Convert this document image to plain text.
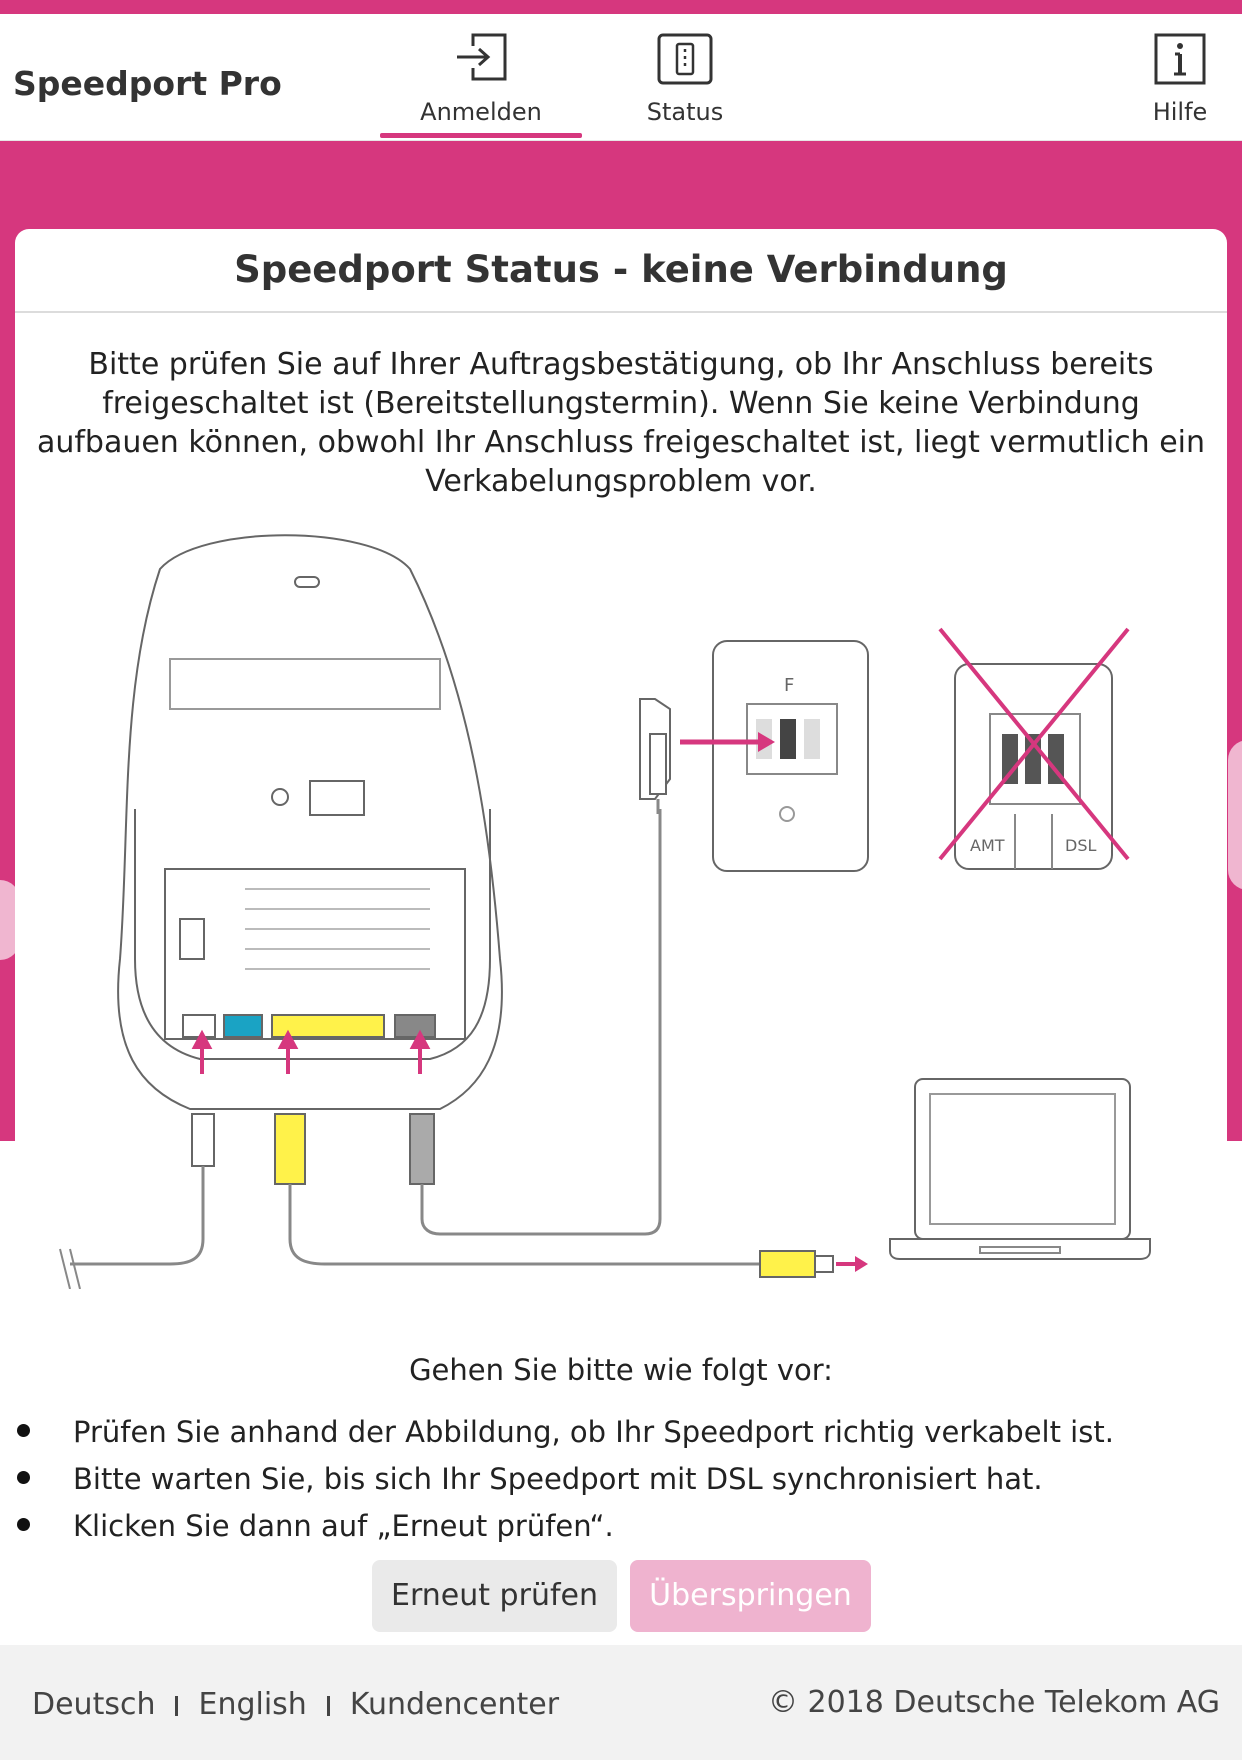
Speedport Pro
Anmelden	Status	Hilfe
Speedport Status - keine Verbindung
Bitte prüfen Sie auf Ihrer Auftragsbestätigung, ob Ihr Anschluss bereits freigeschaltet ist (Bereitstellungstermin). Wenn Sie keine Verbindung aufbauen können, obwohl Ihr Anschluss freigeschaltet ist, liegt vermutlich ein Verkabelungsproblem vor.
F
AMT	DSL
Gehen Sie bitte wie folgt vor:
Prüfen Sie anhand der Abbildung, ob Ihr Speedport richtig verkabelt ist.
Bitte warten Sie, bis sich Ihr Speedport mit DSL synchronisiert hat.
Klicken Sie dann auf „Erneut prüfen“.
Erneut prüfen	Überspringen
Deutsch English Kundencenter	© 2018 Deutsche Telekom AG
